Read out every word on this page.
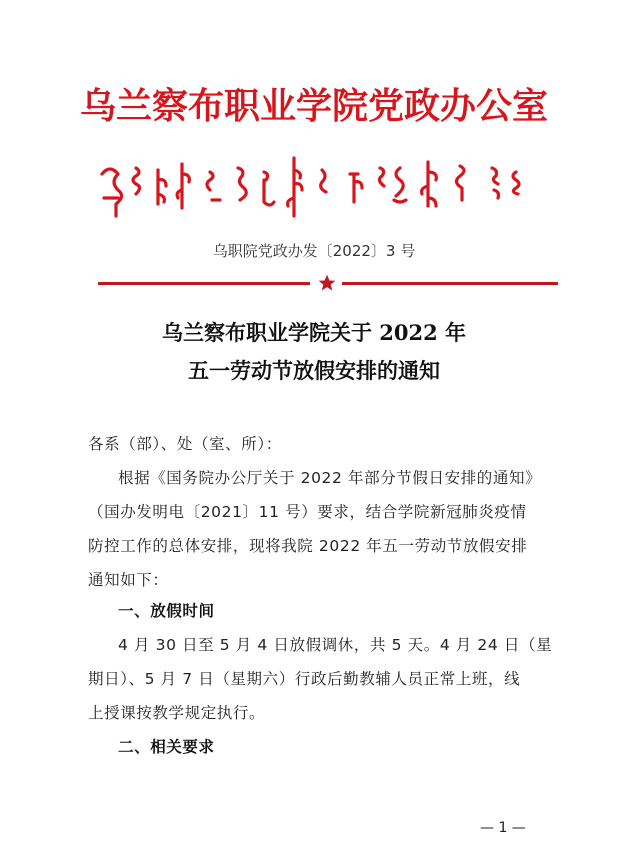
乌兰察布职业学院党政办公室
乌职院党政办发〔2022〕3 号
乌兰察布职业学院关于 2022 年
五一劳动节放假安排的通知
各系（部）、处（室、所）：
根据《国务院办公厅关于 2022 年部分节假日安排的通知》
（国办发明电〔2021〕11 号）要求，结合学院新冠肺炎疫情
防控工作的总体安排，现将我院 2022 年五一劳动节放假安排
通知如下：
一、放假时间
4 月 30 日至 5 月 4 日放假调休，共 5 天。4 月 24 日（星
期日）、5 月 7 日（星期六）行政后勤教辅人员正常上班，线
上授课按教学规定执行。
二、相关要求
— 1 —
